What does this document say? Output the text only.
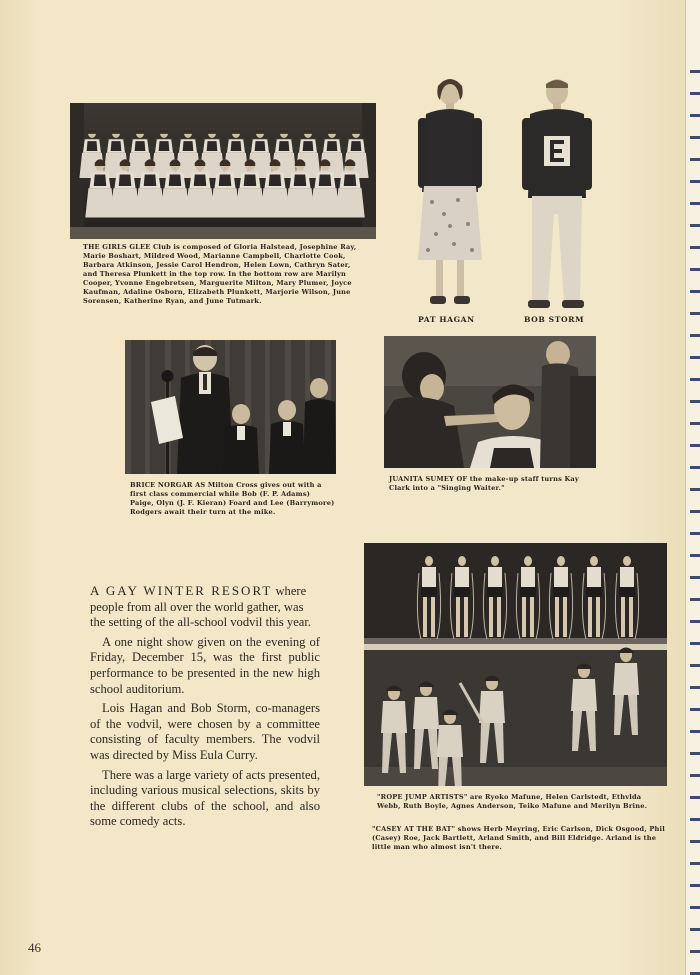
THE GIRLS GLEE Club is composed of Gloria Halstead, Josephine Ray, Marie Boshart, Mildred Wood, Marianne Campbell, Charlotte Cook, Barbara Atkinson, Jessie Carol Hendron, Helen Lown, Cathryn Sater, and Theresa Plunkett in the top row. In the bottom row are Marilyn Cooper, Yvonne Engebretsen, Marguerite Milton, Mary Plumer, Joyce Kaufman, Adaline Osborn, Elizabeth Plunkett, Marjorie Wilson, June Sorensen, Katherine Ryan, and June Tutmark.
PAT HAGAN	BOB STORM
BRICE NORGAR AS Milton Cross gives out with a first class commercial while Bob (F. P. Adams) Paige, Olyn (J. F. Kieran) Foard and Lee (Barrymore) Rodgers await their turn at the mike.
JUANITA SUMEY OF the make-up staff turns Kay Clark into a "Singing Waiter."
"ROPE JUMP ARTISTS" are Ryoko Mafune, Helen Carlstedt, Ethvlda Webb, Ruth Boyle, Agnes Anderson, Teiko Mafune and Merilyn Brine.
"CASEY AT THE BAT" shows Herb Meyring, Eric Carlson, Dick Osgood, Phil (Casey) Roe, Jack Bartlett, Arland Smith, and Bill Eldridge. Arland is the little man who almost isn't there.

A GAY WINTER RESORT where people from all over the world gather, was the setting of the all-school vodvil this year.

A one night show given on the evening of Friday, December 15, was the first public performance to be presented in the new high school auditorium.

Lois Hagan and Bob Storm, co-managers of the vodvil, were chosen by a committee consisting of faculty members. The vodvil was directed by Miss Eula Curry.

There was a large variety of acts presented, including various musical selections, skits by the different clubs of the school, and also some comedy acts.

46
